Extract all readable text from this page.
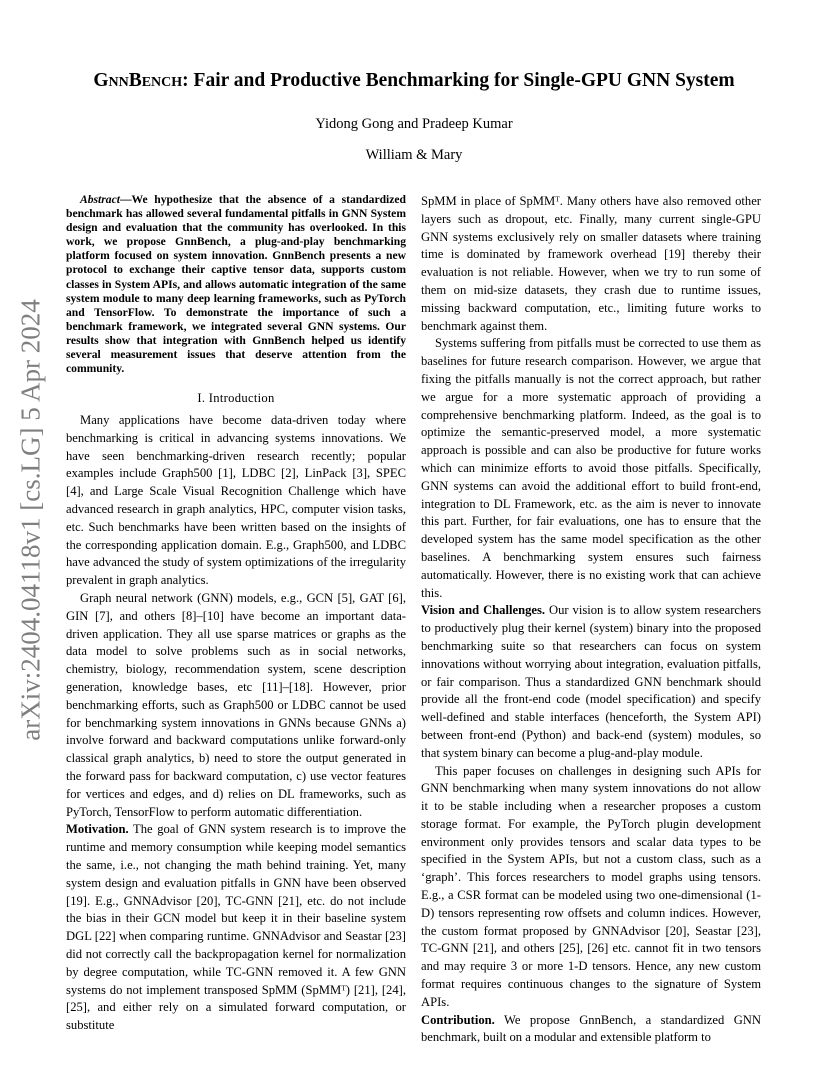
GnnBench: Fair and Productive Benchmarking for Single-GPU GNN System
Yidong Gong and Pradeep Kumar
William & Mary
arXiv:2404.04118v1 [cs.LG] 5 Apr 2024

Abstract—We hypothesize that the absence of a standardized benchmark has allowed several fundamental pitfalls in GNN System design and evaluation that the community has overlooked. In this work, we propose GnnBench, a plug-and-play benchmarking platform focused on system innovation. GnnBench presents a new protocol to exchange their captive tensor data, supports custom classes in System APIs, and allows automatic integration of the same system module to many deep learning frameworks, such as PyTorch and TensorFlow. To demonstrate the importance of such a benchmark framework, we integrated several GNN systems. Our results show that integration with GnnBench helped us identify several measurement issues that deserve attention from the community.

I. Introduction

Many applications have become data-driven today where benchmarking is critical in advancing systems innovations. We have seen benchmarking-driven research recently; popular examples include Graph500 [1], LDBC [2], LinPack [3], SPEC [4], and Large Scale Visual Recognition Challenge which have advanced research in graph analytics, HPC, computer vision tasks, etc. Such benchmarks have been written based on the insights of the corresponding application domain. E.g., Graph500, and LDBC have advanced the study of system optimizations of the irregularity prevalent in graph analytics.

Graph neural network (GNN) models, e.g., GCN [5], GAT [6], GIN [7], and others [8]–[10] have become an important data-driven application. They all use sparse matrices or graphs as the data model to solve problems such as in social networks, chemistry, biology, recommendation system, scene description generation, knowledge bases, etc [11]–[18]. However, prior benchmarking efforts, such as Graph500 or LDBC cannot be used for benchmarking system innovations in GNNs because GNNs a) involve forward and backward computations unlike forward-only classical graph analytics, b) need to store the output generated in the forward pass for backward computation, c) use vector features for vertices and edges, and d) relies on DL frameworks, such as PyTorch, TensorFlow to perform automatic differentiation.

Motivation. The goal of GNN system research is to improve the runtime and memory consumption while keeping model semantics the same, i.e., not changing the math behind training. Yet, many system design and evaluation pitfalls in GNN have been observed [19]. E.g., GNNAdvisor [20], TC-GNN [21], etc. do not include the bias in their GCN model but keep it in their baseline system DGL [22] when comparing runtime. GNNAdvisor and Seastar [23] did not correctly call the backpropagation kernel for normalization by degree computation, while TC-GNN removed it. A few GNN systems do not implement transposed SpMM (SpMMᵀ) [21], [24], [25], and either rely on a simulated forward computation, or substitute

SpMM in place of SpMMᵀ. Many others have also removed other layers such as dropout, etc. Finally, many current single-GPU GNN systems exclusively rely on smaller datasets where training time is dominated by framework overhead [19] thereby their evaluation is not reliable. However, when we try to run some of them on mid-size datasets, they crash due to runtime issues, missing backward computation, etc., limiting future works to benchmark against them.

Systems suffering from pitfalls must be corrected to use them as baselines for future research comparison. However, we argue that fixing the pitfalls manually is not the correct approach, but rather we argue for a more systematic approach of providing a comprehensive benchmarking platform. Indeed, as the goal is to optimize the semantic-preserved model, a more systematic approach is possible and can also be productive for future works which can minimize efforts to avoid those pitfalls. Specifically, GNN systems can avoid the additional effort to build front-end, integration to DL Framework, etc. as the aim is never to innovate this part. Further, for fair evaluations, one has to ensure that the developed system has the same model specification as the other baselines. A benchmarking system ensures such fairness automatically. However, there is no existing work that can achieve this.

Vision and Challenges. Our vision is to allow system researchers to productively plug their kernel (system) binary into the proposed benchmarking suite so that researchers can focus on system innovations without worrying about integration, evaluation pitfalls, or fair comparison. Thus a standardized GNN benchmark should provide all the front-end code (model specification) and specify well-defined and stable interfaces (henceforth, the System API) between front-end (Python) and back-end (system) modules, so that system binary can become a plug-and-play module.

This paper focuses on challenges in designing such APIs for GNN benchmarking when many system innovations do not allow it to be stable including when a researcher proposes a custom storage format. For example, the PyTorch plugin development environment only provides tensors and scalar data types to be specified in the System APIs, but not a custom class, such as a ‘graph’. This forces researchers to model graphs using tensors. E.g., a CSR format can be modeled using two one-dimensional (1-D) tensors representing row offsets and column indices. However, the custom format proposed by GNNAdvisor [20], Seastar [23], TC-GNN [21], and others [25], [26] etc. cannot fit in two tensors and may require 3 or more 1-D tensors. Hence, any new custom format requires continuous changes to the signature of System APIs.

Contribution. We propose GnnBench, a standardized GNN benchmark, built on a modular and extensible platform to
